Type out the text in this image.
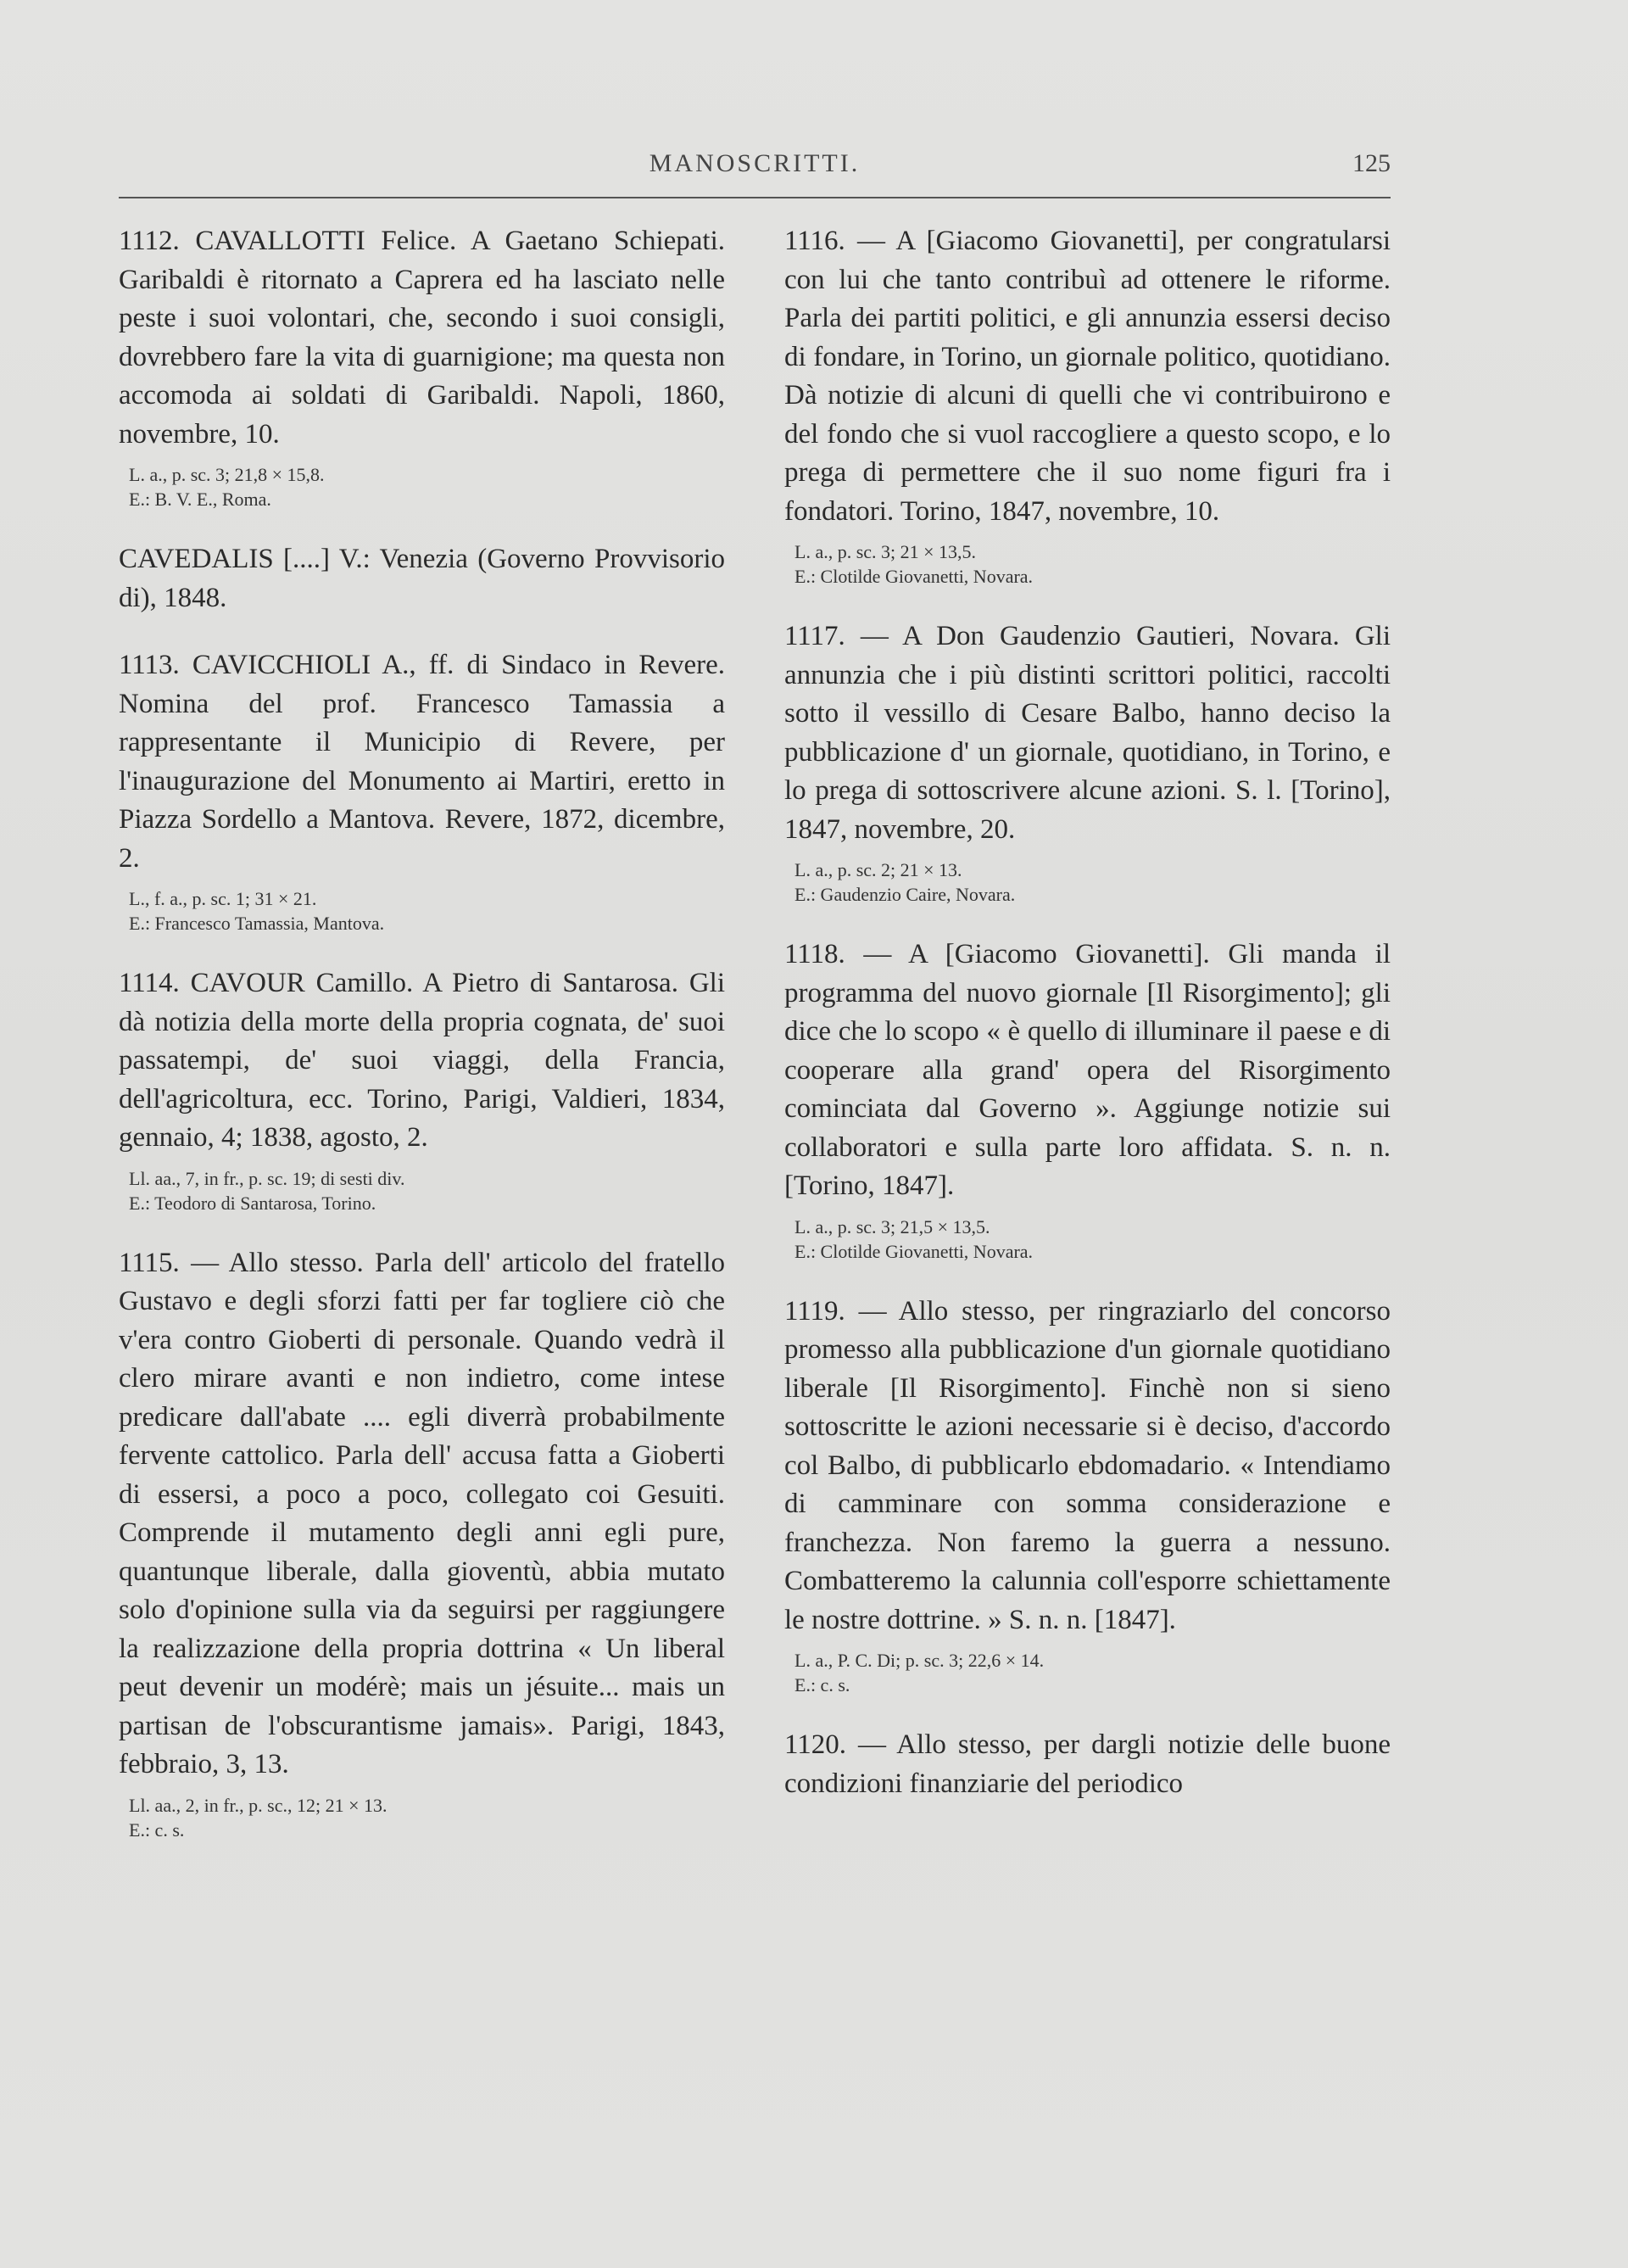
MANOSCRITTI.	125

1112. CAVALLOTTI Felice. A Gaetano Schiepati. Garibaldi è ritornato a Caprera ed ha lasciato nelle peste i suoi volontari, che, secondo i suoi consigli, dovrebbero fare la vita di guarnigione; ma questa non accomoda ai soldati di Garibaldi. Napoli, 1860, novembre, 10.

L. a., p. sc. 3; 21,8 × 15,8.
E.: B. V. E., Roma.

CAVEDALIS [....] V.: Venezia (Governo Provvisorio di), 1848.

1113. CAVICCHIOLI A., ff. di Sindaco in Revere. Nomina del prof. Francesco Tamassia a rappresentante il Municipio di Revere, per l'inaugurazione del Monumento ai Martiri, eretto in Piazza Sordello a Mantova. Revere, 1872, dicembre, 2.

L., f. a., p. sc. 1; 31 × 21.
E.: Francesco Tamassia, Mantova.

1114. CAVOUR Camillo. A Pietro di Santarosa. Gli dà notizia della morte della propria cognata, de' suoi passatempi, de' suoi viaggi, della Francia, dell'agricoltura, ecc. Torino, Parigi, Valdieri, 1834, gennaio, 4; 1838, agosto, 2.

Ll. aa., 7, in fr., p. sc. 19; di sesti div.
E.: Teodoro di Santarosa, Torino.

1115. — Allo stesso. Parla dell' articolo del fratello Gustavo e degli sforzi fatti per far togliere ciò che v'era contro Gioberti di personale. Quando vedrà il clero mirare avanti e non indietro, come intese predicare dall'abate .... egli diverrà probabilmente fervente cattolico. Parla dell' accusa fatta a Gioberti di essersi, a poco a poco, collegato coi Gesuiti. Comprende il mutamento degli anni egli pure, quantunque liberale, dalla gioventù, abbia mutato solo d'opinione sulla via da seguirsi per raggiungere la realizzazione della propria dottrina « Un liberal peut devenir un modérè; mais un jésuite... mais un partisan de l'obscurantisme jamais». Parigi, 1843, febbraio, 3, 13.

Ll. aa., 2, in fr., p. sc., 12; 21 × 13.
E.: c. s.

1116. — A [Giacomo Giovanetti], per congratularsi con lui che tanto contribuì ad ottenere le riforme. Parla dei partiti politici, e gli annunzia essersi deciso di fondare, in Torino, un giornale politico, quotidiano. Dà notizie di alcuni di quelli che vi contribuirono e del fondo che si vuol raccogliere a questo scopo, e lo prega di permettere che il suo nome figuri fra i fondatori. Torino, 1847, novembre, 10.

L. a., p. sc. 3; 21 × 13,5.
E.: Clotilde Giovanetti, Novara.

1117. — A Don Gaudenzio Gautieri, Novara. Gli annunzia che i più distinti scrittori politici, raccolti sotto il vessillo di Cesare Balbo, hanno deciso la pubblicazione d' un giornale, quotidiano, in Torino, e lo prega di sottoscrivere alcune azioni. S. l. [Torino], 1847, novembre, 20.

L. a., p. sc. 2; 21 × 13.
E.: Gaudenzio Caire, Novara.

1118. — A [Giacomo Giovanetti]. Gli manda il programma del nuovo giornale [Il Risorgimento]; gli dice che lo scopo « è quello di illuminare il paese e di cooperare alla grand' opera del Risorgimento cominciata dal Governo ». Aggiunge notizie sui collaboratori e sulla parte loro affidata. S. n. n. [Torino, 1847].

L. a., p. sc. 3; 21,5 × 13,5.
E.: Clotilde Giovanetti, Novara.

1119. — Allo stesso, per ringraziarlo del concorso promesso alla pubblicazione d'un giornale quotidiano liberale [Il Risorgimento]. Finchè non si sieno sottoscritte le azioni necessarie si è deciso, d'accordo col Balbo, di pubblicarlo ebdomadario. « Intendiamo di camminare con somma considerazione e franchezza. Non faremo la guerra a nessuno. Combatteremo la calunnia coll'esporre schiettamente le nostre dottrine. » S. n. n. [1847].

L. a., P. C. Di; p. sc. 3; 22,6 × 14.
E.: c. s.

1120. — Allo stesso, per dargli notizie delle buone condizioni finanziarie del periodico
